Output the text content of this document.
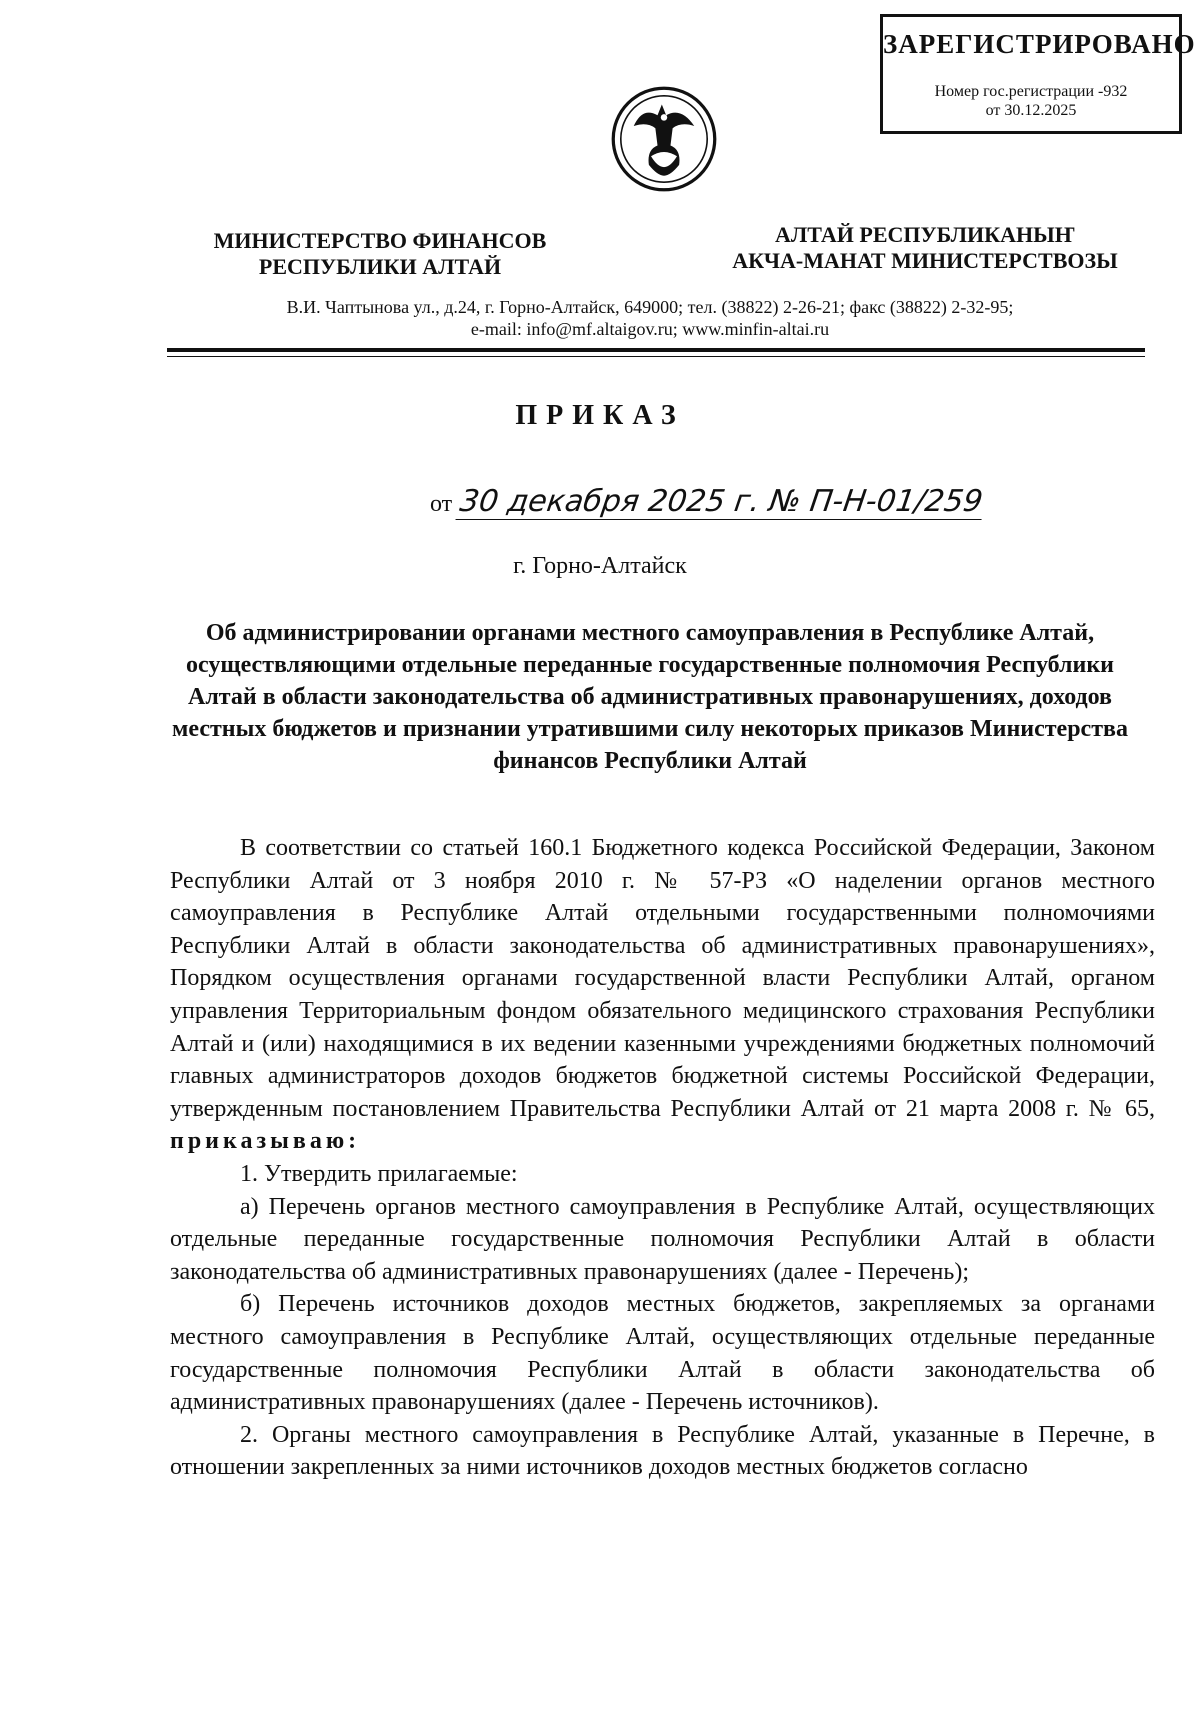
ЗАРЕГИСТРИРОВАНО
Номер гос.регистрации -932
от 30.12.2025
МИНИСТЕРСТВО ФИНАНСОВ
РЕСПУБЛИКИ АЛТАЙ
АЛТАЙ РЕСПУБЛИКАНЫҤ
АКЧА-МАНАТ МИНИСТЕРСТВОЗЫ
В.И. Чаптынова ул., д.24, г. Горно-Алтайск, 649000; тел. (38822) 2-26-21; факс (38822) 2-32-95;
e-mail: info@mf.altaigov.ru; www.minfin-altai.ru
ПРИКАЗ
от 30 декабря 2025 г. № П-Н-01/259
г. Горно-Алтайск
Об администрировании органами местного самоуправления в Республике Алтай, осуществляющими отдельные переданные государственные полномочия Республики Алтай в области законодательства об административных правонарушениях, доходов местных бюджетов и признании утратившими силу некоторых приказов Министерства финансов Республики Алтай

В соответствии со статьей 160.1 Бюджетного кодекса Российской Федерации, Законом Республики Алтай от 3 ноября 2010 г. № 57-РЗ «О наделении органов местного самоуправления в Республике Алтай отдельными государственными полномочиями Республики Алтай в области законодательства об административных правонарушениях», Порядком осуществления органами государственной власти Республики Алтай, органом управления Территориальным фондом обязательного медицинского страхования Республики Алтай и (или) находящимися в их ведении казенными учреждениями бюджетных полномочий главных администраторов доходов бюджетов бюджетной системы Российской Федерации, утвержденным постановлением Правительства Республики Алтай от 21 марта 2008 г. № 65, приказываю:

1. Утвердить прилагаемые:

а) Перечень органов местного самоуправления в Республике Алтай, осуществляющих отдельные переданные государственные полномочия Республики Алтай в области законодательства об административных правонарушениях (далее - Перечень);

б) Перечень источников доходов местных бюджетов, закрепляемых за органами местного самоуправления в Республике Алтай, осуществляющих отдельные переданные государственные полномочия Республики Алтай в области законодательства об административных правонарушениях (далее - Перечень источников).

2. Органы местного самоуправления в Республике Алтай, указанные в Перечне, в отношении закрепленных за ними источников доходов местных бюджетов согласно
